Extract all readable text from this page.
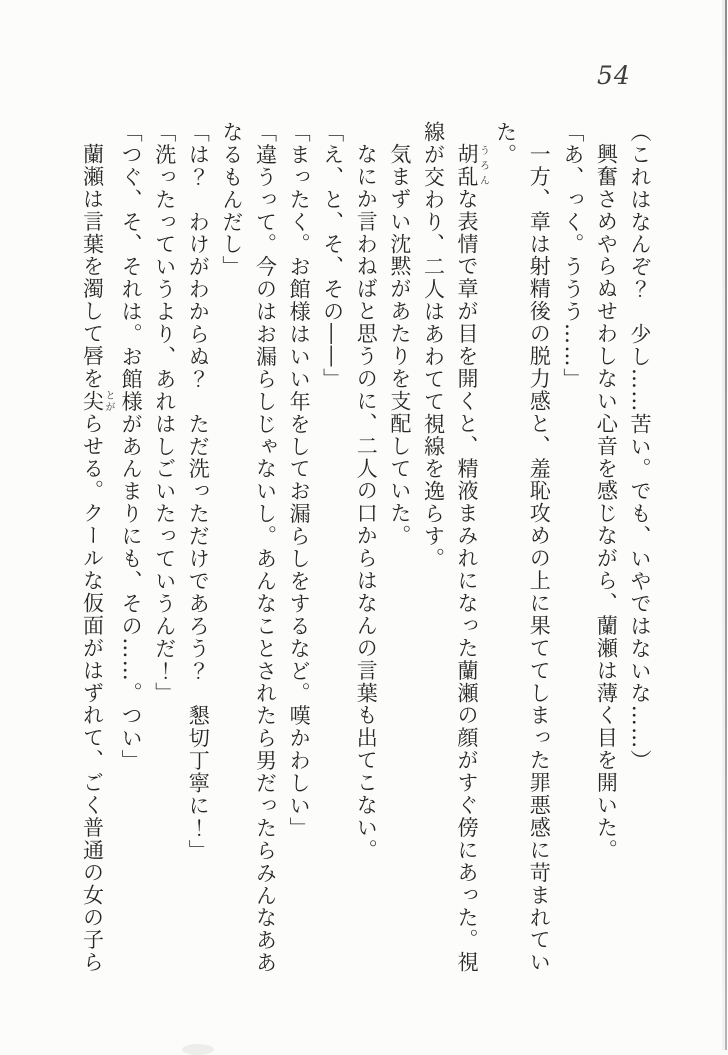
54
（これはなんぞ？　少し……苦い。でも、いやではないな……）
興奮さめやらぬせわしない心音を感じながら、蘭瀬は薄く目を開いた。
「あ、っく。ううう……」
一方、章は射精後の脱力感と、羞恥攻めの上に果ててしまった罪悪感に苛まれてい
た。
胡乱うろんな表情で章が目を開くと、精液まみれになった蘭瀬の顔がすぐ傍にあった。視
線が交わり、二人はあわてて視線を逸らす。
気まずい沈黙があたりを支配していた。
なにか言わねばと思うのに、二人の口からはなんの言葉も出てこない。
「え、と、そ、その――」
「まったく。お館様はいい年をしてお漏らしをするなど。嘆かわしい」
「違うって。今のはお漏らしじゃないし。あんなことされたら男だったらみんなああ
なるもんだし」
「は？　わけがわからぬ？　ただ洗っただけであろう？　懇切丁寧に！」
「洗ったっていうより、あれはしごいたっていうんだ！」
「つぐ、そ、それは。お館様があんまりにも、その……。つい」
蘭瀬は言葉を濁して唇を尖とがらせる。クールな仮面がはずれて、ごく普通の女の子ら
